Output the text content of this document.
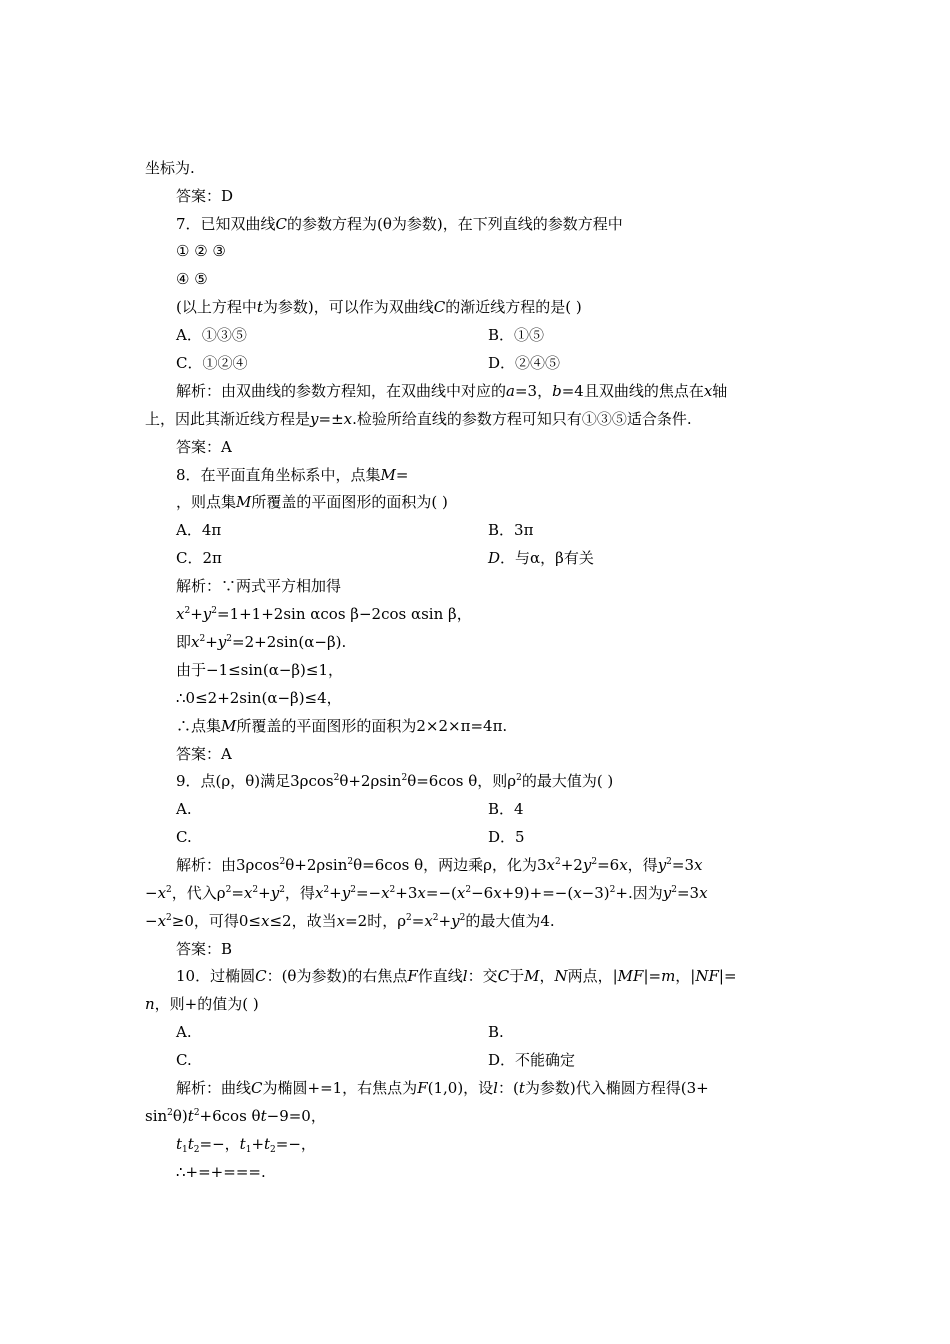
坐标为.
答案：D
7．已知双曲线C的参数方程为(θ为参数)，在下列直线的参数方程中
① ② ③
④ ⑤
(以上方程中t为参数)，可以作为双曲线C的渐近线方程的是( )
A．①③⑤	B．①⑤
C．①②④	D．②④⑤
解析：由双曲线的参数方程知，在双曲线中对应的a=3，b=4且双曲线的焦点在x轴
上，因此其渐近线方程是y=±x.检验所给直线的参数方程可知只有①③⑤适合条件.
答案：A
8．在平面直角坐标系中，点集M=
，则点集M所覆盖的平面图形的面积为( )
A．4π	B．3π
C．2π	D．与α，β有关
解析：∵两式平方相加得
$x^2+y^2=1+1+2\sin$ αcos β−2cos αsin β，
即$x^2+y^2=2+2\sin(\alpha-\beta)$.
由于−1≤sin(α−β)≤1，
∴0≤2+2sin(α−β)≤4，
∴点集M所覆盖的平面图形的面积为2×2×π=4π.
答案：A
9．点(ρ，θ)满足3ρcos$^2$θ+2ρsin$^2$θ=6cos θ，则$\rho^2$的最大值为( )
A.	B．4
C.	D．5
解析：由3ρcos$^2$θ+2ρsin$^2$θ=6cos θ，两边乘ρ，化为$3x^2+2y^2=6x$，得$y^2=3x$
$-x^2$，代入$\rho^2=x^2+y^2$，得$x^2+y^2=-x^2+3x=-(x^2-6x+9)+=-(x-3)^2+$.因为$y^2=3x$
$-x^2\ge 0$，可得0≤x≤2，故当x=2时，$\rho^2=x^2+y^2$的最大值为4.
答案：B
10．过椭圆C：(θ为参数)的右焦点F作直线l：交C于M，N两点，|MF|=m，|NF|=
n，则+的值为( )
A.	B.
C.	D．不能确定
解析：曲线C为椭圆+=1，右焦点为F(1,0)，设l：(t为参数)代入椭圆方程得(3+
$\sin^2\theta)t^2+6\cos$ θt−9=0，
$t_1t_2=-$，$t_1+t_2=-$，
∴+=+===.
